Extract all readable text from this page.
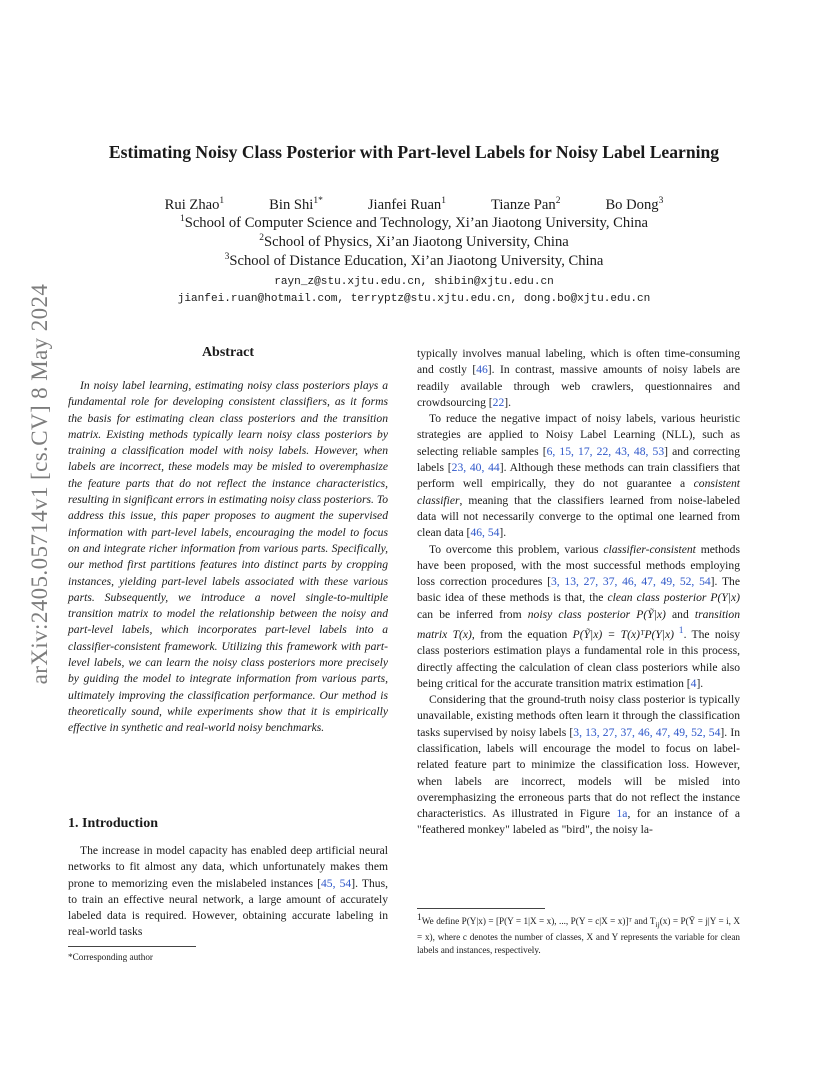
arXiv:2405.05714v1 [cs.CV] 8 May 2024
Estimating Noisy Class Posterior with Part-level Labels for Noisy Label Learning
Rui Zhao$^1$	Bin Shi$^{1*}$	Jianfei Ruan$^1$	Tianze Pan$^2$	Bo Dong$^3$
$^1$School of Computer Science and Technology, Xi’an Jiaotong University, China
$^2$School of Physics, Xi’an Jiaotong University, China
$^3$School of Distance Education, Xi’an Jiaotong University, China
rayn_z@stu.xjtu.edu.cn, shibin@xjtu.edu.cn
jianfei.ruan@hotmail.com, terryptz@stu.xjtu.edu.cn, dong.bo@xjtu.edu.cn
Abstract

In noisy label learning, estimating noisy class posteriors plays a fundamental role for developing consistent classifiers, as it forms the basis for estimating clean class posteriors and the transition matrix. Existing methods typically learn noisy class posteriors by training a classification model with noisy labels. However, when labels are incorrect, these models may be misled to overemphasize the feature parts that do not reflect the instance characteristics, resulting in significant errors in estimating noisy class posteriors. To address this issue, this paper proposes to augment the supervised information with part-level labels, encouraging the model to focus on and integrate richer information from various parts. Specifically, our method first partitions features into distinct parts by cropping instances, yielding part-level labels associated with these various parts. Subsequently, we introduce a novel single-to-multiple transition matrix to model the relationship between the noisy and part-level labels, which incorporates part-level labels into a classifier-consistent framework. Utilizing this framework with part-level labels, we can learn the noisy class posteriors more precisely by guiding the model to integrate information from various parts, ultimately improving the classification performance. Our method is theoretically sound, while experiments show that it is empirically effective in synthetic and real-world noisy benchmarks.

1. Introduction

The increase in model capacity has enabled deep artificial neural networks to fit almost any data, which unfortunately makes them prone to memorizing even the mislabeled instances [45, 54]. Thus, to train an effective neural network, a large amount of accurately labeled data is required. However, obtaining accurate labeling in real-world tasks

*Corresponding author

typically involves manual labeling, which is often time-consuming and costly [46]. In contrast, massive amounts of noisy labels are readily available through web crawlers, questionnaires and crowdsourcing [22].

To reduce the negative impact of noisy labels, various heuristic strategies are applied to Noisy Label Learning (NLL), such as selecting reliable samples [6, 15, 17, 22, 43, 48, 53] and correcting labels [23, 40, 44]. Although these methods can train classifiers that perform well empirically, they do not guarantee a consistent classifier, meaning that the classifiers learned from noise-labeled data will not necessarily converge to the optimal one learned from clean data [46, 54].

To overcome this problem, various classifier-consistent methods have been proposed, with the most successful methods employing loss correction procedures [3, 13, 27, 37, 46, 47, 49, 52, 54]. The basic idea of these methods is that, the clean class posterior P(Y|x) can be inferred from noisy class posterior P(Ỹ|x) and transition matrix T(x), from the equation P(Ỹ|x) = T(x)ᵀP(Y|x) $^1$. The noisy class posteriors estimation plays a fundamental role in this process, directly affecting the calculation of clean class posteriors while also being critical for the accurate transition matrix estimation [4].

Considering that the ground-truth noisy class posterior is typically unavailable, existing methods often learn it through the classification tasks supervised by noisy labels [3, 13, 27, 37, 46, 47, 49, 52, 54]. In classification, labels will encourage the model to focus on label-related feature part to minimize the classification loss. However, when labels are incorrect, models will be misled into overemphasizing the erroneous parts that do not reflect the instance characteristics. As illustrated in Figure 1a, for an instance of a "feathered monkey" labeled as "bird", the noisy la-

$^1$We define P(Y|x) = [P(Y = 1|X = x), ..., P(Y = c|X = x)]ᵀ and $T_{ij}(x)$ = P(Ỹ = j|Y = i, X = x), where c denotes the number of classes, X and Y represents the variable for clean labels and instances, respectively.
